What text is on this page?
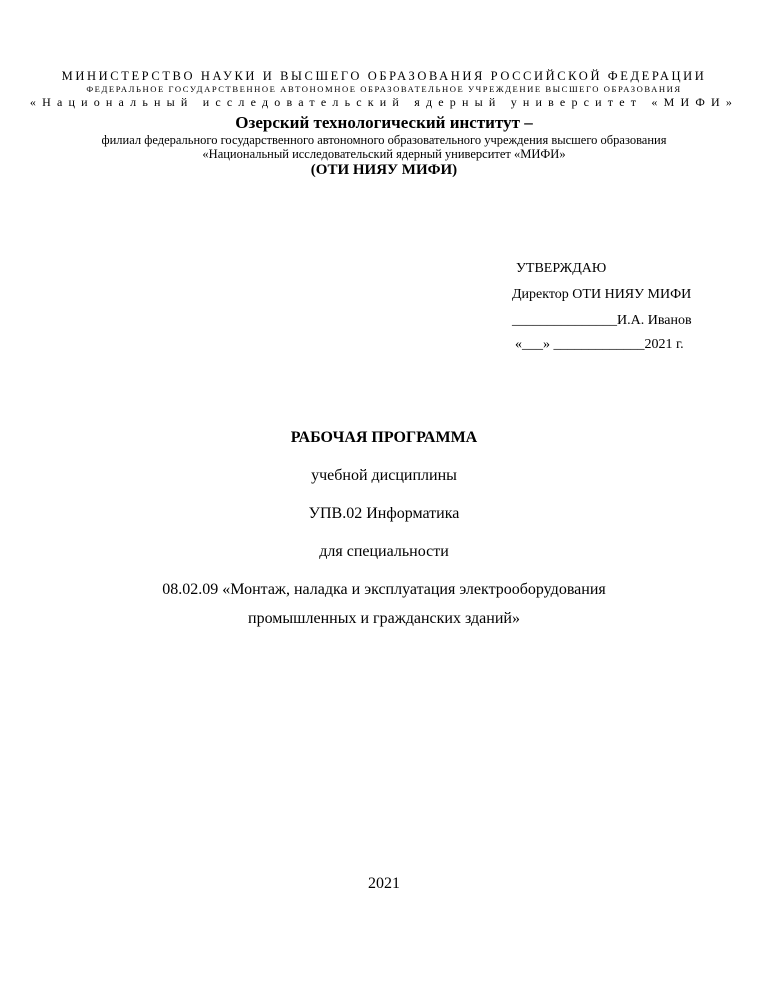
МИНИСТЕРСТВО НАУКИ И ВЫСШЕГО ОБРАЗОВАНИЯ РОССИЙСКОЙ ФЕДЕРАЦИИ
ФЕДЕРАЛЬНОЕ ГОСУДАРСТВЕННОЕ АВТОНОМНОЕ ОБРАЗОВАТЕЛЬНОЕ УЧРЕЖДЕНИЕ ВЫСШЕГО ОБРАЗОВАНИЯ
«Национальный исследовательский ядерный университет «МИФИ»
Озерский технологический институт –
филиал федерального государственного автономного образовательного учреждения высшего образования
«Национальный исследовательский ядерный университет «МИФИ»
(ОТИ НИЯУ МИФИ)
УТВЕРЖДАЮ
Директор ОТИ НИЯУ МИФИ
_______________И.А. Иванов
«___» _____________2021 г.
РАБОЧАЯ ПРОГРАММА
учебной дисциплины
УПВ.02 Информатика
для специальности
08.02.09 «Монтаж, наладка и эксплуатация электрооборудования
промышленных и гражданских зданий»
2021
